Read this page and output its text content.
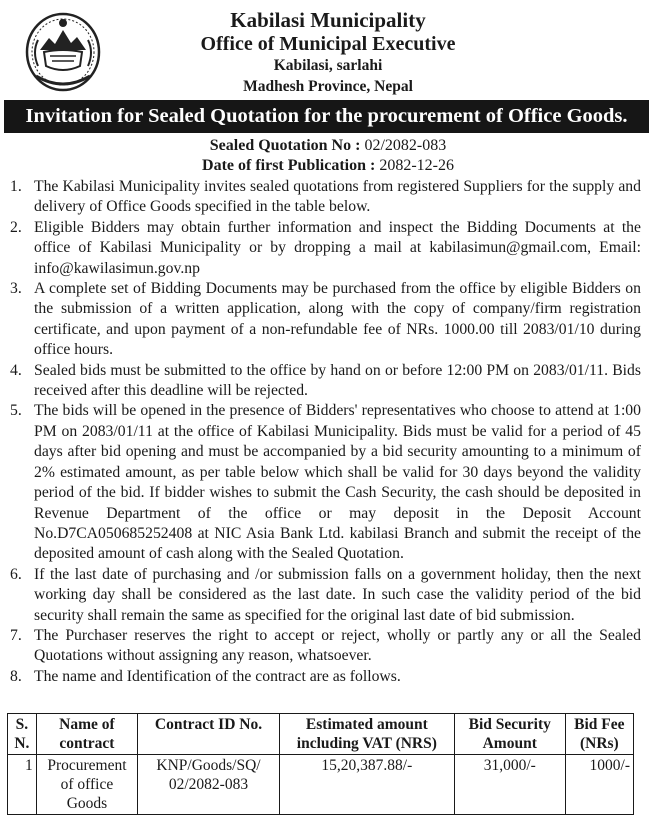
Kabilasi Municipality
Office of Municipal Executive
Kabilasi, sarlahi
Madhesh Province, Nepal
Invitation for Sealed Quotation for the procurement of Office Goods.
Sealed Quotation No : 02/2082-083
Date of first Publication : 2082-12-26
1. The Kabilasi Municipality invites sealed quotations from registered Suppliers for the supply and delivery of Office Goods specified in the table below.
2. Eligible Bidders may obtain further information and inspect the Bidding Documents at the office of Kabilasi Municipality or by dropping a mail at kabilasimun@gmail.com, Email: info@kawilasimun.gov.np
3. A complete set of Bidding Documents may be purchased from the office by eligible Bidders on the submission of a written application, along with the copy of company/firm registration certificate, and upon payment of a non-refundable fee of NRs. 1000.00 till 2083/01/10 during office hours.
4. Sealed bids must be submitted to the office by hand on or before 12:00 PM on 2083/01/11. Bids received after this deadline will be rejected.
5. The bids will be opened in the presence of Bidders' representatives who choose to attend at 1:00 PM on 2083/01/11 at the office of Kabilasi Municipality. Bids must be valid for a period of 45 days after bid opening and must be accompanied by a bid security amounting to a minimum of 2% estimated amount, as per table below which shall be valid for 30 days beyond the validity period of the bid. If bidder wishes to submit the Cash Security, the cash should be deposited in Revenue Department of the office or may deposit in the Deposit Account No.D7CA050685252408 at NIC Asia Bank Ltd. kabilasi Branch and submit the receipt of the deposited amount of cash along with the Sealed Quotation.
6. If the last date of purchasing and /or submission falls on a government holiday, then the next working day shall be considered as the last date. In such case the validity period of the bid security shall remain the same as specified for the original last date of bid submission.
7. The Purchaser reserves the right to accept or reject, wholly or partly any or all the Sealed Quotations without assigning any reason, whatsoever.
8. The name and Identification of the contract are as follows.
S. N.	Name of contract	Contract ID No.	Estimated amount including VAT (NRS)	Bid Security Amount	Bid Fee (NRs)
1	Procurement of office Goods	KNP/Goods/SQ/ 02/2082-083	15,20,387.88/-	31,000/-	1000/-
